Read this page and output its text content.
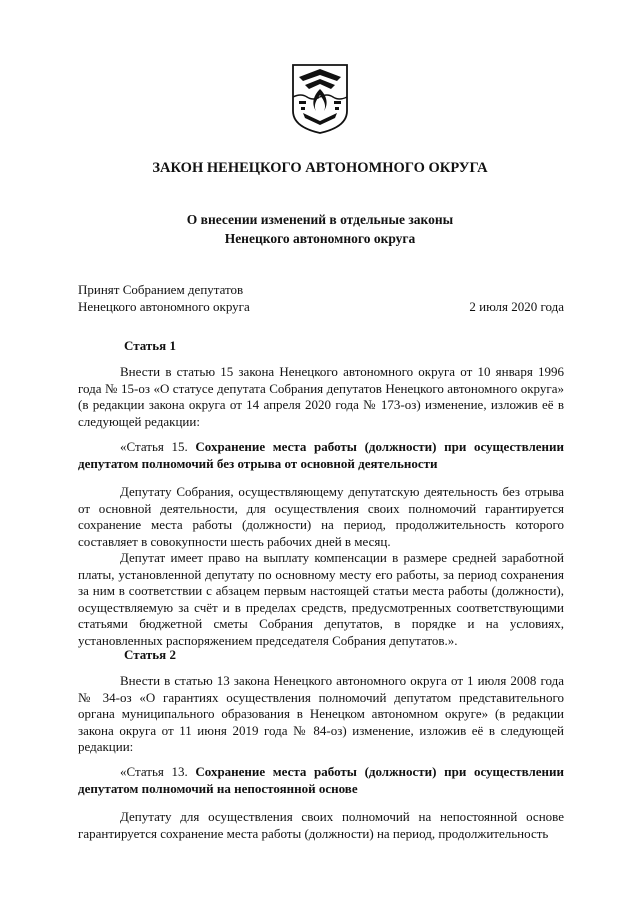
ЗАКОН НЕНЕЦКОГО АВТОНОМНОГО ОКРУГА
О внесении изменений в отдельные законы
Ненецкого автономного округа
Принят Собранием депутатов
Ненецкого автономного округа	2 июля 2020 года
Статья 1

Внести в статью 15 закона Ненецкого автономного округа от 10 января 1996 года № 15-оз «О статусе депутата Собрания депутатов Ненецкого автономного округа» (в редакции закона округа от 14 апреля 2020 года № 173-оз) изменение, изложив её в следующей редакции:

«Статья 15. Сохранение места работы (должности) при осуществлении депутатом полномочий без отрыва от основной деятельности

Депутату Собрания, осуществляющему депутатскую деятельность без отрыва от основной деятельности, для осуществления своих полномочий гарантируется сохранение места работы (должности) на период, продолжительность которого составляет в совокупности шесть рабочих дней в месяц.

Депутат имеет право на выплату компенсации в размере средней заработной платы, установленной депутату по основному месту его работы, за период сохранения за ним в соответствии с абзацем первым настоящей статьи места работы (должности), осуществляемую за счёт и в пределах средств, предусмотренных соответствующими статьями бюджетной сметы Собрания депутатов, в порядке и на условиях, установленных распоряжением председателя Собрания депутатов.».

Статья 2

Внести в статью 13 закона Ненецкого автономного округа от 1 июля 2008 года № 34-оз «О гарантиях осуществления полномочий депутатом представительного органа муниципального образования в Ненецком автономном округе» (в редакции закона округа от 11 июня 2019 года № 84-оз) изменение, изложив её в следующей редакции:

«Статья 13. Сохранение места работы (должности) при осуществлении депутатом полномочий на непостоянной основе

Депутату для осуществления своих полномочий на непостоянной основе гарантируется сохранение места работы (должности) на период, продолжительность
